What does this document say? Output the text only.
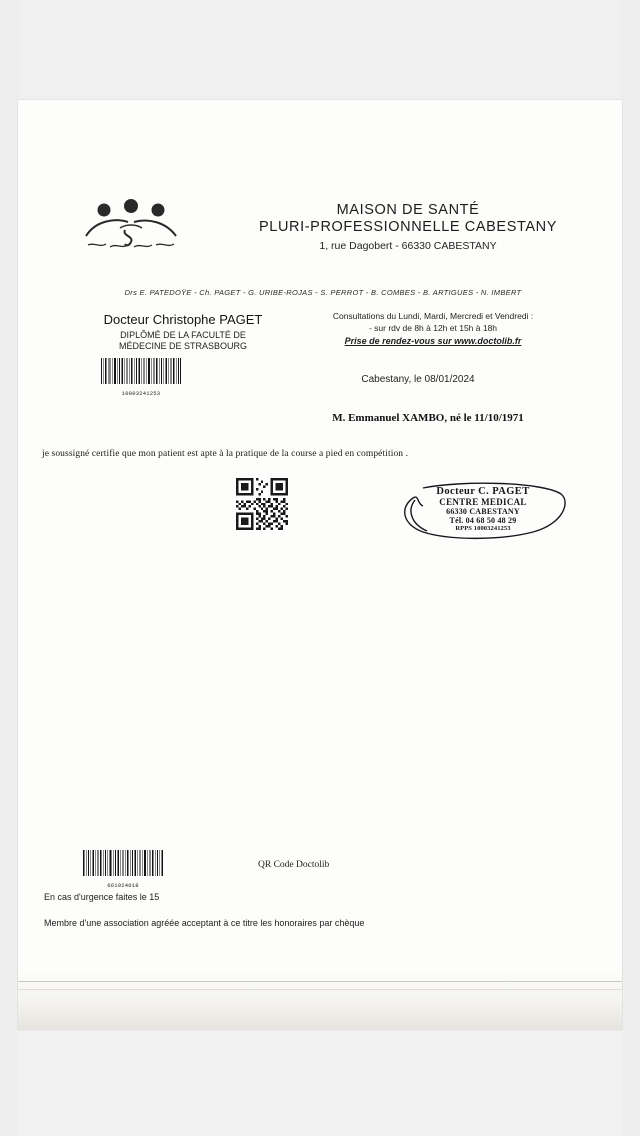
MAISON DE SANTÉ
PLURI-PROFESSIONNELLE CABESTANY
1, rue Dagobert - 66330 CABESTANY
Drs E. PATEDOŸE - Ch. PAGET - G. URIBE-ROJAS - S. PERROT - B. COMBES - B. ARTIGUES - N. IMBERT
Docteur Christophe PAGET
DIPLÔMÉ DE LA FACULTÉ DE
MÉDECINE DE STRASBOURG
Consultations du Lundi, Mardi, Mercredi et Vendredi :
- sur rdv de 8h à 12h et 15h à 18h
Prise de rendez-vous sur www.doctolib.fr
10003241253
Cabestany, le 08/01/2024
M. Emmanuel XAMBO, né le 11/10/1971
je soussigné certifie que mon patient est apte à la pratique de la course a pied en compétition .
Docteur C. PAGET
CENTRE MEDICAL
66330 CABESTANY
Tél. 04 68 50 48 29
RPPS 10003241253
661024018
QR Code Doctolib
En cas d'urgence faites le 15
Membre d'une association agréée acceptant à ce titre les honoraires par chèque
